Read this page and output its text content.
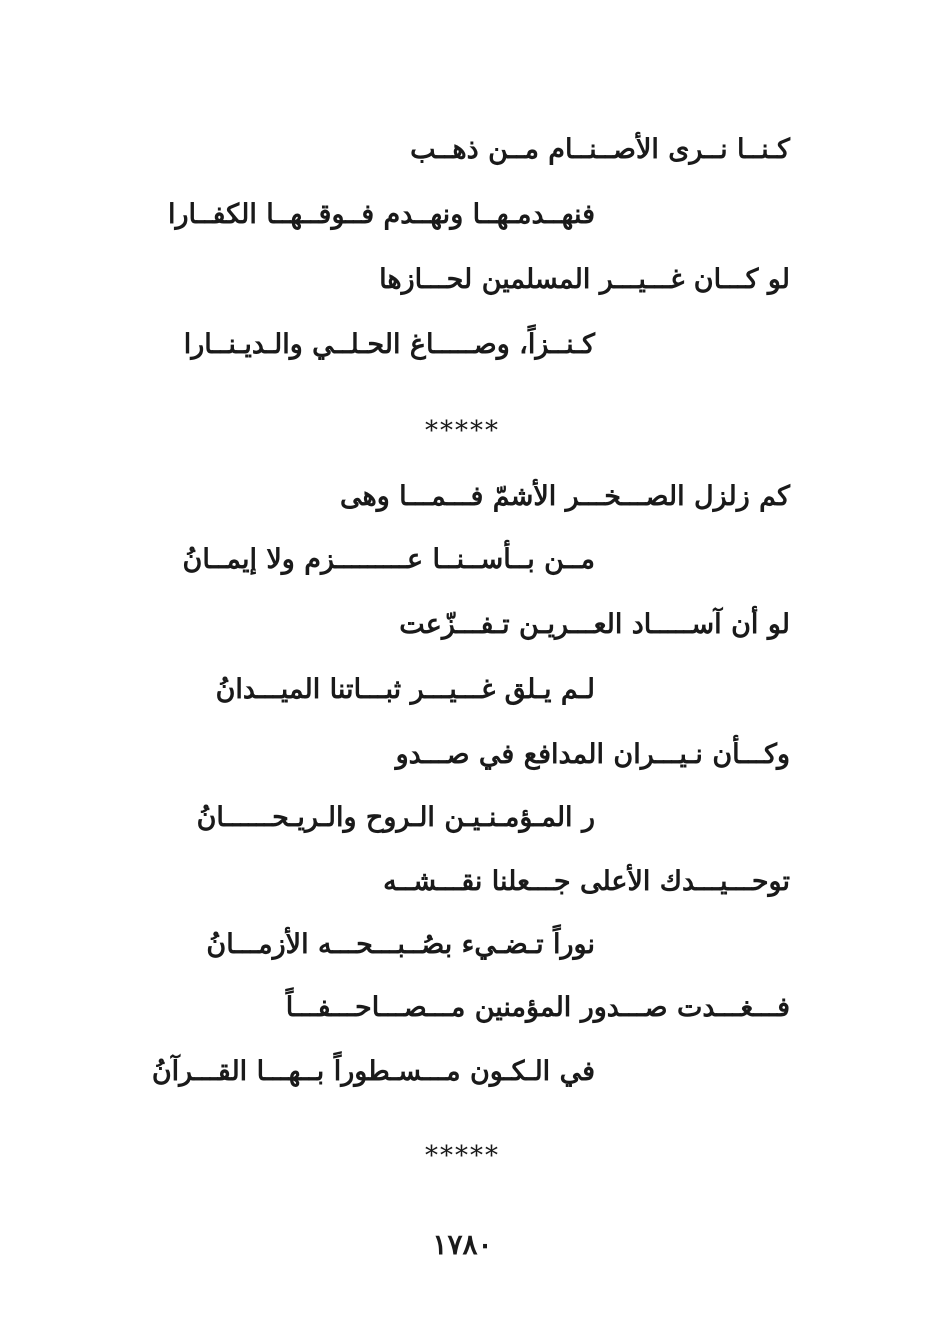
كـنــا نــرى الأصــنــام مــن ذهــب
فنهــدمـهــا ونهــدم فــوقــهــا الكفــارا
لو كـــان غـــيـــر المسلمين لحـــازها
كـنــزاً، وصـــــاغ الحـلــي والـديـنــارا
*****
كم زلزل الصـــخـــر الأشمّ فـــمـــا وهى
مــن بــأســنــا عـــــــــزم ولا إيمــانُ
لو أن آســـــاد العـــريـن تـفـــزّعت
لـم يـلق غـــيـــر ثبـــاتنا الميـــدانُ
وكـــأن نـيـــران المدافع في صـــدو
ر المـؤمـنـيـن الـروح والـريـحــــــانُ
توحـــيـــدك الأعلى جـــعلنا نقـــشــه
نوراً تـضـيء بصُــبـــحـــه الأزمـــانُ
فـــغـــدت صـــدور المؤمنين مـــصـــاحـــفـــاً
في الـكـون مـــسـطوراً بــهـــا القـــرآنُ
*****
١٧٨٠
